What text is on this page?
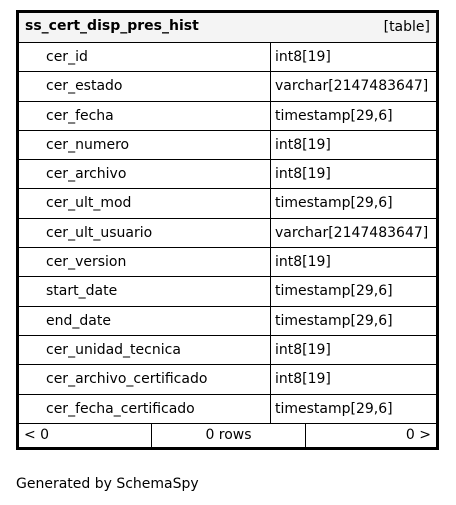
ss_cert_disp_pres_hist	[table]
cer_id	int8[19]
cer_estado	varchar[2147483647]
cer_fecha	timestamp[29,6]
cer_numero	int8[19]
cer_archivo	int8[19]
cer_ult_mod	timestamp[29,6]
cer_ult_usuario	varchar[2147483647]
cer_version	int8[19]
start_date	timestamp[29,6]
end_date	timestamp[29,6]
cer_unidad_tecnica	int8[19]
cer_archivo_certificado	int8[19]
cer_fecha_certificado	timestamp[29,6]
< 0	0 rows	0 >
Generated by SchemaSpy
